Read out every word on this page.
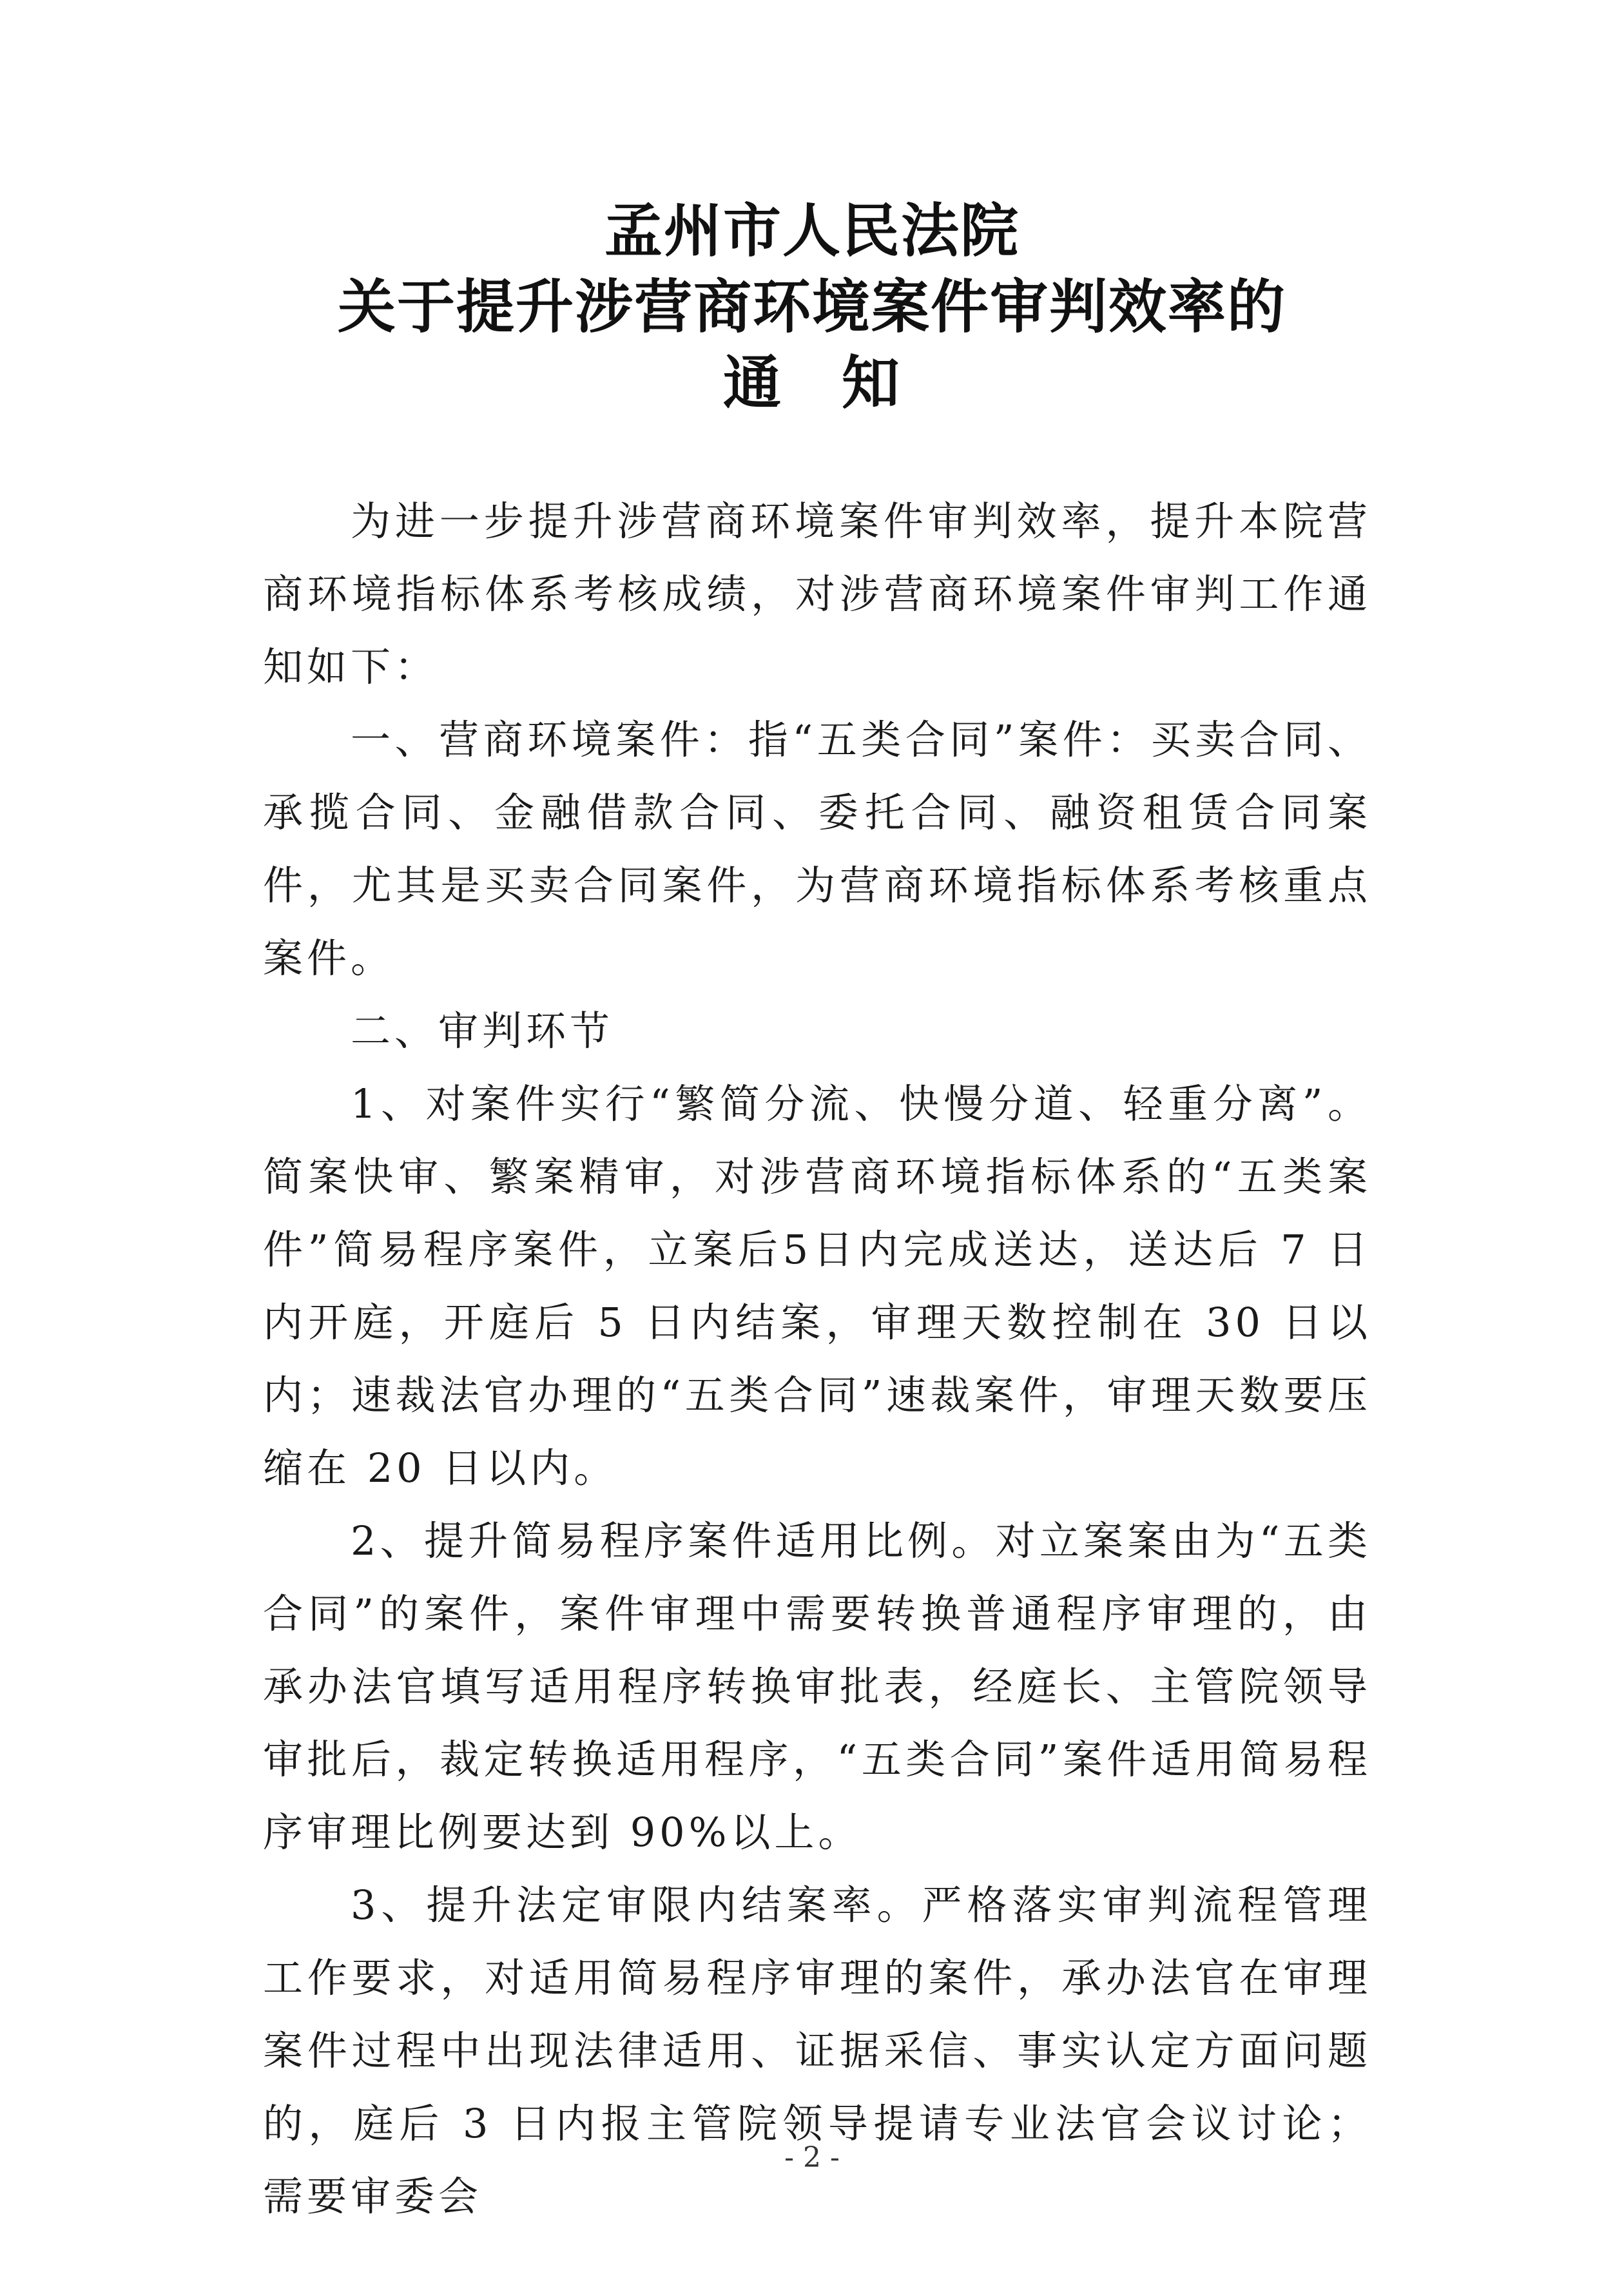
孟州市人民法院
关于提升涉营商环境案件审判效率的
通　知

为进一步提升涉营商环境案件审判效率，提升本院营商环境指标体系考核成绩，对涉营商环境案件审判工作通知如下：

一、营商环境案件：指“五类合同”案件：买卖合同、承揽合同、金融借款合同、委托合同、融资租赁合同案件，尤其是买卖合同案件，为营商环境指标体系考核重点案件。

二、审判环节

1、对案件实行“繁简分流、快慢分道、轻重分离”。简案快审、繁案精审，对涉营商环境指标体系的“五类案件”简易程序案件，立案后5日内完成送达，送达后 7 日内开庭，开庭后 5 日内结案，审理天数控制在 30 日以内；速裁法官办理的“五类合同”速裁案件，审理天数要压缩在 20 日以内。

2、提升简易程序案件适用比例。对立案案由为“五类合同”的案件，案件审理中需要转换普通程序审理的，由承办法官填写适用程序转换审批表，经庭长、主管院领导审批后，裁定转换适用程序，“五类合同”案件适用简易程序审理比例要达到 90%以上。

3、提升法定审限内结案率。严格落实审判流程管理工作要求，对适用简易程序审理的案件，承办法官在审理案件过程中出现法律适用、证据采信、事实认定方面问题的，庭后 3 日内报主管院领导提请专业法官会议讨论；需要审委会

- 2 -
